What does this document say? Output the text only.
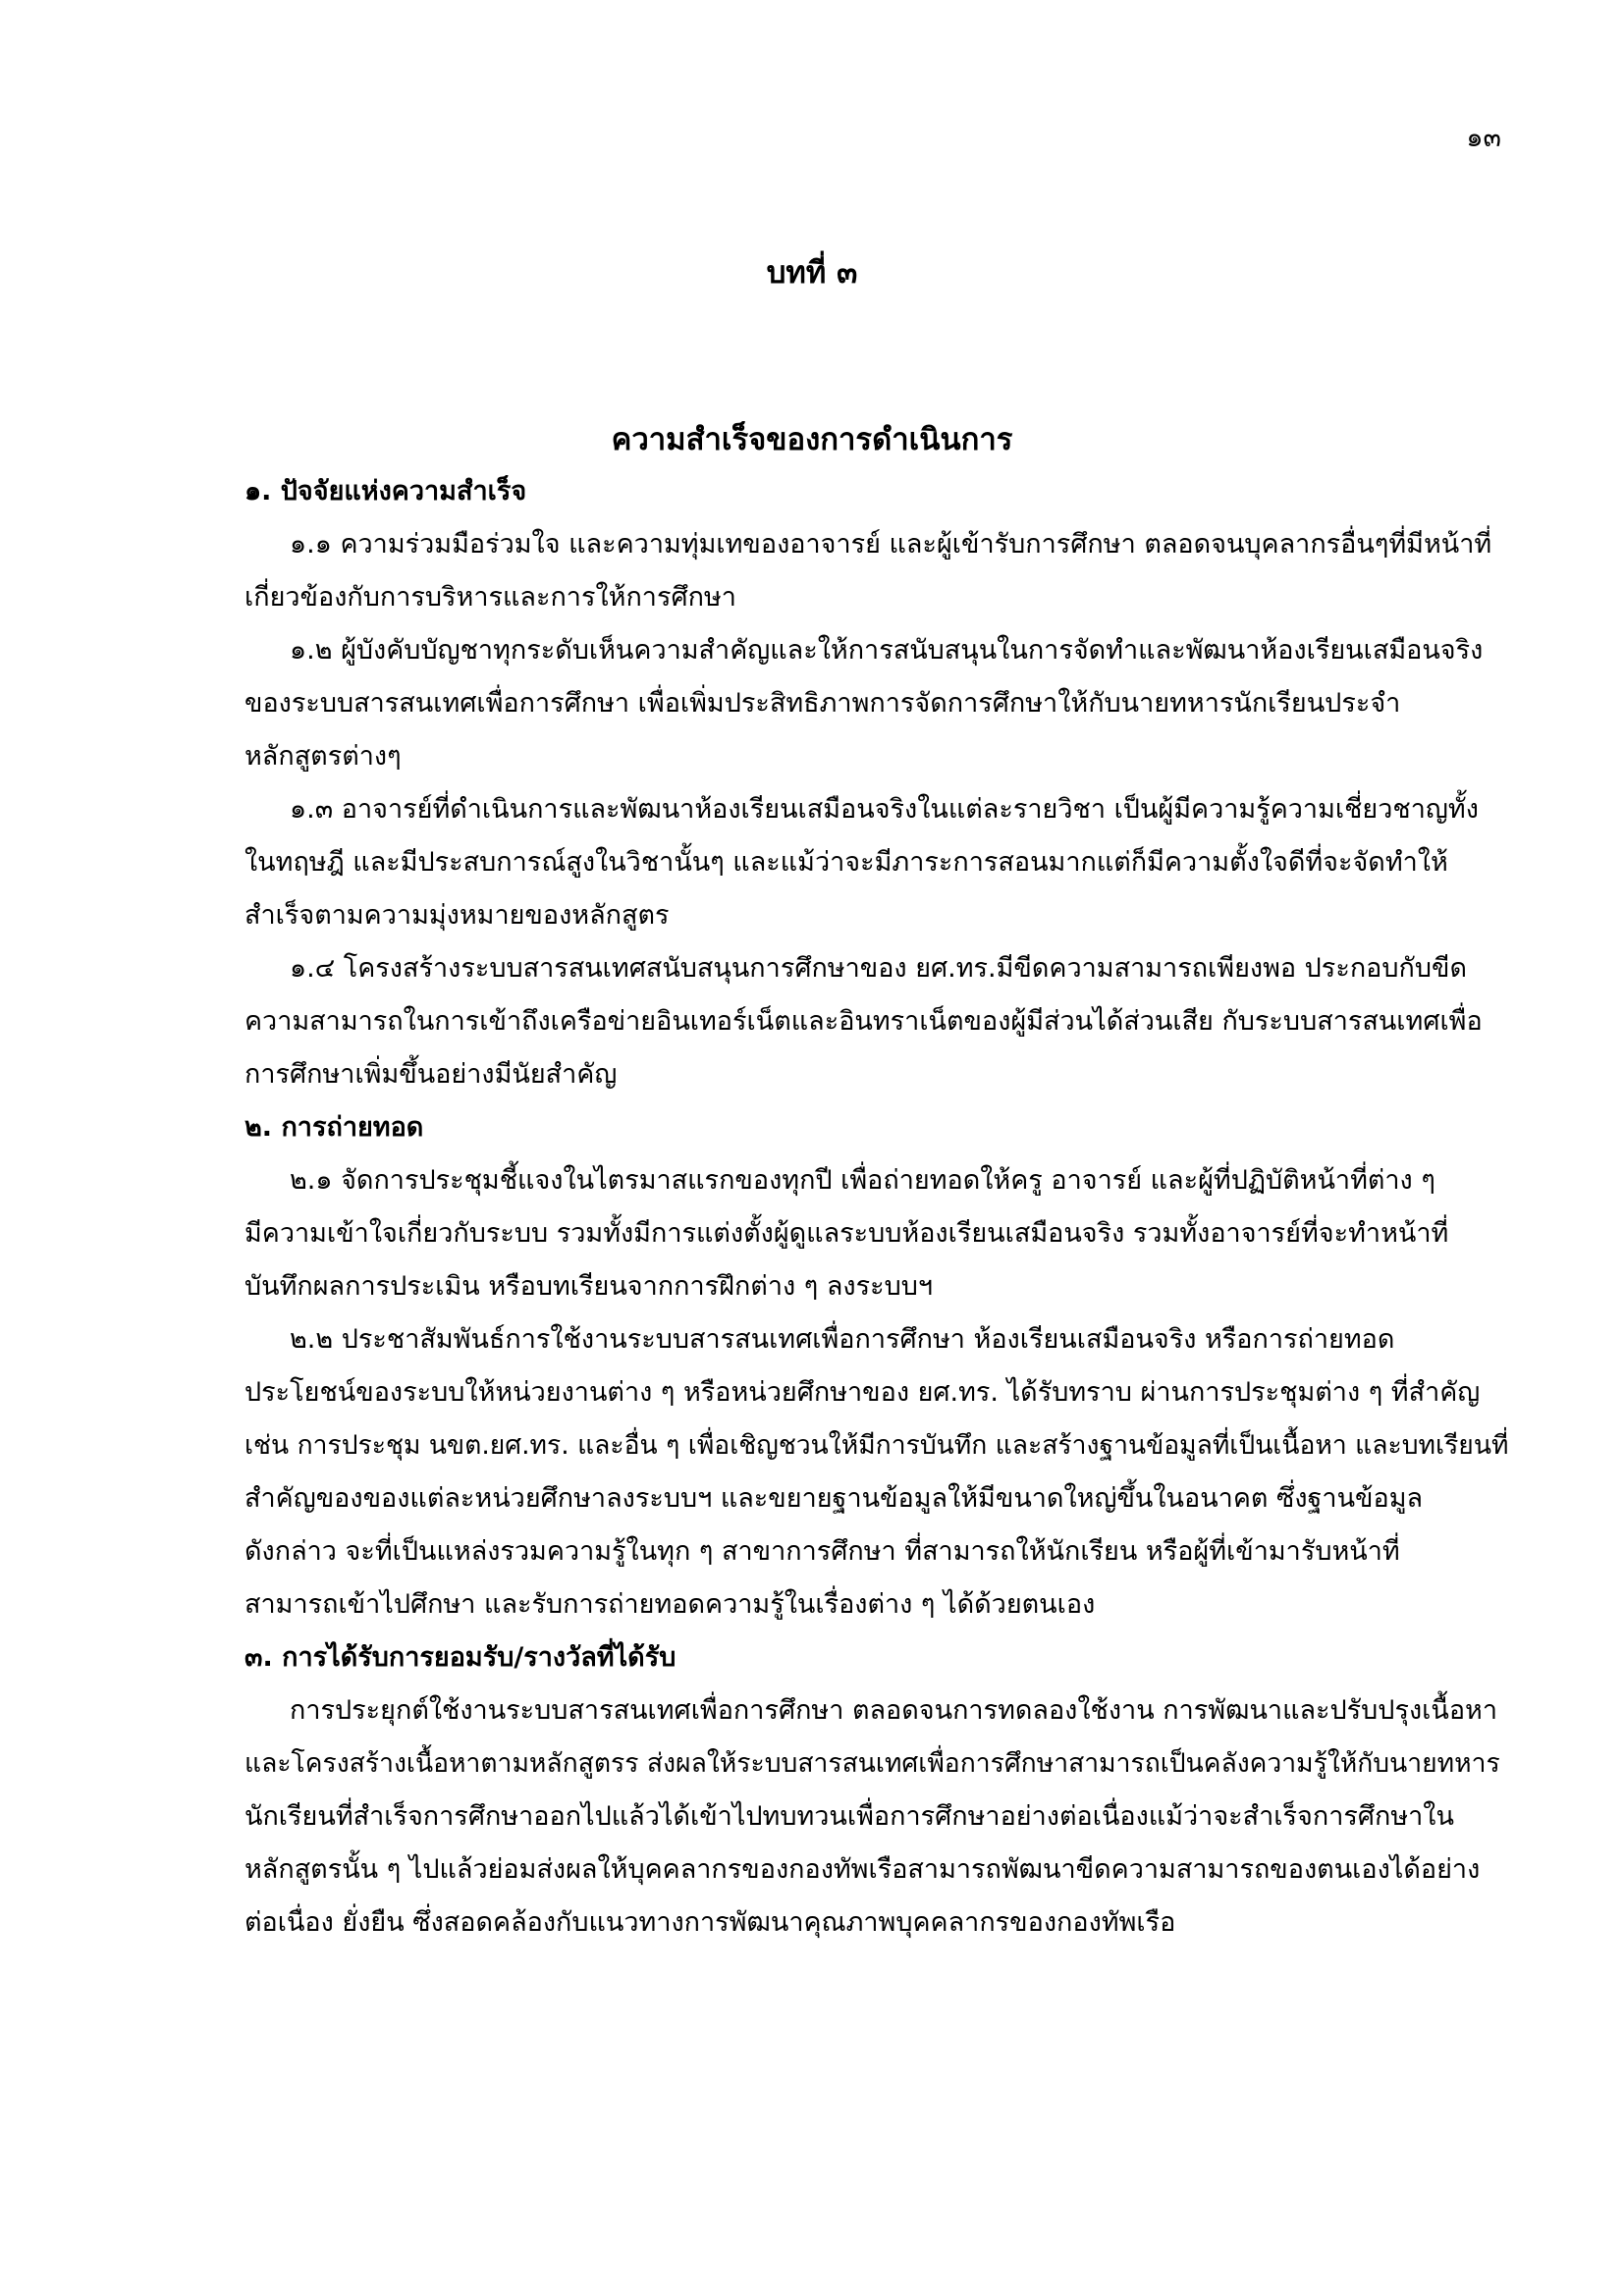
๑๓
บทที่ ๓
ความสำเร็จของการดำเนินการ
๑. ปัจจัยแห่งความสำเร็จ
๑.๑ ความร่วมมือร่วมใจ และความทุ่มเทของอาจารย์ และผู้เข้ารับการศึกษา ตลอดจนบุคลากรอื่นๆที่มีหน้าที่
เกี่ยวข้องกับการบริหารและการให้การศึกษา
๑.๒ ผู้บังคับบัญชาทุกระดับเห็นความสำคัญและให้การสนับสนุนในการจัดทำและพัฒนาห้องเรียนเสมือนจริง
ของระบบสารสนเทศเพื่อการศึกษา เพื่อเพิ่มประสิทธิภาพการจัดการศึกษาให้กับนายทหารนักเรียนประจำ
หลักสูตรต่างๆ
๑.๓ อาจารย์ที่ดำเนินการและพัฒนาห้องเรียนเสมือนจริงในแต่ละรายวิชา เป็นผู้มีความรู้ความเชี่ยวชาญทั้ง
ในทฤษฎี และมีประสบการณ์สูงในวิชานั้นๆ และแม้ว่าจะมีภาระการสอนมากแต่ก็มีความตั้งใจดีที่จะจัดทำให้
สำเร็จตามความมุ่งหมายของหลักสูตร
๑.๔ โครงสร้างระบบสารสนเทศสนับสนุนการศึกษาของ ยศ.ทร.มีขีดความสามารถเพียงพอ ประกอบกับขีด
ความสามารถในการเข้าถึงเครือข่ายอินเทอร์เน็ตและอินทราเน็ตของผู้มีส่วนได้ส่วนเสีย กับระบบสารสนเทศเพื่อ
การศึกษาเพิ่มขึ้นอย่างมีนัยสำคัญ
๒. การถ่ายทอด
๒.๑ จัดการประชุมชี้แจงในไตรมาสแรกของทุกปี เพื่อถ่ายทอดให้ครู อาจารย์ และผู้ที่ปฏิบัติหน้าที่ต่าง ๆ
มีความเข้าใจเกี่ยวกับระบบ รวมทั้งมีการแต่งตั้งผู้ดูแลระบบห้องเรียนเสมือนจริง รวมทั้งอาจารย์ที่จะทำหน้าที่
บันทึกผลการประเมิน หรือบทเรียนจากการฝึกต่าง ๆ ลงระบบฯ
๒.๒ ประชาสัมพันธ์การใช้งานระบบสารสนเทศเพื่อการศึกษา ห้องเรียนเสมือนจริง หรือการถ่ายทอด
ประโยชน์ของระบบให้หน่วยงานต่าง ๆ หรือหน่วยศึกษาของ ยศ.ทร. ได้รับทราบ ผ่านการประชุมต่าง ๆ ที่สำคัญ
เช่น การประชุม นขต.ยศ.ทร. และอื่น ๆ เพื่อเชิญชวนให้มีการบันทึก และสร้างฐานข้อมูลที่เป็นเนื้อหา และบทเรียนที่
สำคัญของของแต่ละหน่วยศึกษาลงระบบฯ และขยายฐานข้อมูลให้มีขนาดใหญ่ขึ้นในอนาคต ซึ่งฐานข้อมูล
ดังกล่าว จะที่เป็นแหล่งรวมความรู้ในทุก ๆ สาขาการศึกษา ที่สามารถให้นักเรียน หรือผู้ที่เข้ามารับหน้าที่
สามารถเข้าไปศึกษา และรับการถ่ายทอดความรู้ในเรื่องต่าง ๆ ได้ด้วยตนเอง
๓. การได้รับการยอมรับ/รางวัลที่ได้รับ
การประยุกต์ใช้งานระบบสารสนเทศเพื่อการศึกษา ตลอดจนการทดลองใช้งาน การพัฒนาและปรับปรุงเนื้อหา
และโครงสร้างเนื้อหาตามหลักสูตรร ส่งผลให้ระบบสารสนเทศเพื่อการศึกษาสามารถเป็นคลังความรู้ให้กับนายทหาร
นักเรียนที่สำเร็จการศึกษาออกไปแล้วได้เข้าไปทบทวนเพื่อการศึกษาอย่างต่อเนื่องแม้ว่าจะสำเร็จการศึกษาใน
หลักสูตรนั้น ๆ ไปแล้วย่อมส่งผลให้บุคคลากรของกองทัพเรือสามารถพัฒนาขีดความสามารถของตนเองได้อย่าง
ต่อเนื่อง ยั่งยืน ซึ่งสอดคล้องกับแนวทางการพัฒนาคุณภาพบุคคลากรของกองทัพเรือ
